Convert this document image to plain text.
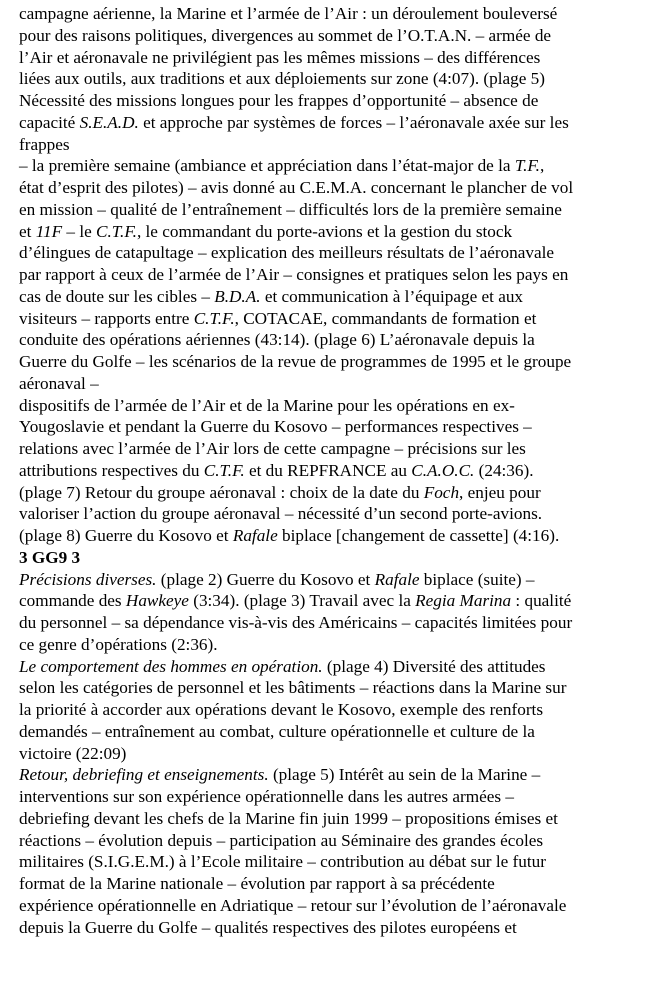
campagne aérienne, la Marine et l’armée de l’Air : un déroulement bouleversé
pour des raisons politiques, divergences au sommet de l’O.T.A.N. – armée de
l’Air et aéronavale ne privilégient pas les mêmes missions – des différences
liées aux outils, aux traditions et aux déploiements sur zone (4:07). (plage 5)
Nécessité des missions longues pour les frappes d’opportunité – absence de
capacité S.E.A.D. et approche par systèmes de forces – l’aéronavale axée sur les
frappes
– la première semaine (ambiance et appréciation dans l’état-major de la T.F.,
état d’esprit des pilotes) – avis donné au C.E.M.A. concernant le plancher de vol
en mission – qualité de l’entraînement – difficultés lors de la première semaine
et 11F – le C.T.F., le commandant du porte-avions et la gestion du stock
d’élingues de catapultage – explication des meilleurs résultats de l’aéronavale
par rapport à ceux de l’armée de l’Air – consignes et pratiques selon les pays en
cas de doute sur les cibles – B.D.A. et communication à l’équipage et aux
visiteurs – rapports entre C.T.F., COTACAE, commandants de formation et
conduite des opérations aériennes (43:14). (plage 6) L’aéronavale depuis la
Guerre du Golfe – les scénarios de la revue de programmes de 1995 et le groupe
aéronaval –
dispositifs de l’armée de l’Air et de la Marine pour les opérations en ex-
Yougoslavie et pendant la Guerre du Kosovo – performances respectives –
relations avec l’armée de l’Air lors de cette campagne – précisions sur les
attributions respectives du C.T.F. et du REPFRANCE au C.A.O.C. (24:36).
(plage 7) Retour du groupe aéronaval : choix de la date du Foch, enjeu pour
valoriser l’action du groupe aéronaval – nécessité d’un second porte-avions.
(plage 8) Guerre du Kosovo et Rafale biplace [changement de cassette] (4:16).
3 GG9 3
Précisions diverses. (plage 2) Guerre du Kosovo et Rafale biplace (suite) –
commande des Hawkeye (3:34). (plage 3) Travail avec la Regia Marina : qualité
du personnel – sa dépendance vis-à-vis des Américains – capacités limitées pour
ce genre d’opérations (2:36).
Le comportement des hommes en opération. (plage 4) Diversité des attitudes
selon les catégories de personnel et les bâtiments – réactions dans la Marine sur
la priorité à accorder aux opérations devant le Kosovo, exemple des renforts
demandés – entraînement au combat, culture opérationnelle et culture de la
victoire (22:09)
Retour, debriefing et enseignements. (plage 5) Intérêt au sein de la Marine –
interventions sur son expérience opérationnelle dans les autres armées –
debriefing devant les chefs de la Marine fin juin 1999 – propositions émises et
réactions – évolution depuis – participation au Séminaire des grandes écoles
militaires (S.I.G.E.M.) à l’Ecole militaire – contribution au débat sur le futur
format de la Marine nationale – évolution par rapport à sa précédente
expérience opérationnelle en Adriatique – retour sur l’évolution de l’aéronavale
depuis la Guerre du Golfe – qualités respectives des pilotes européens et
